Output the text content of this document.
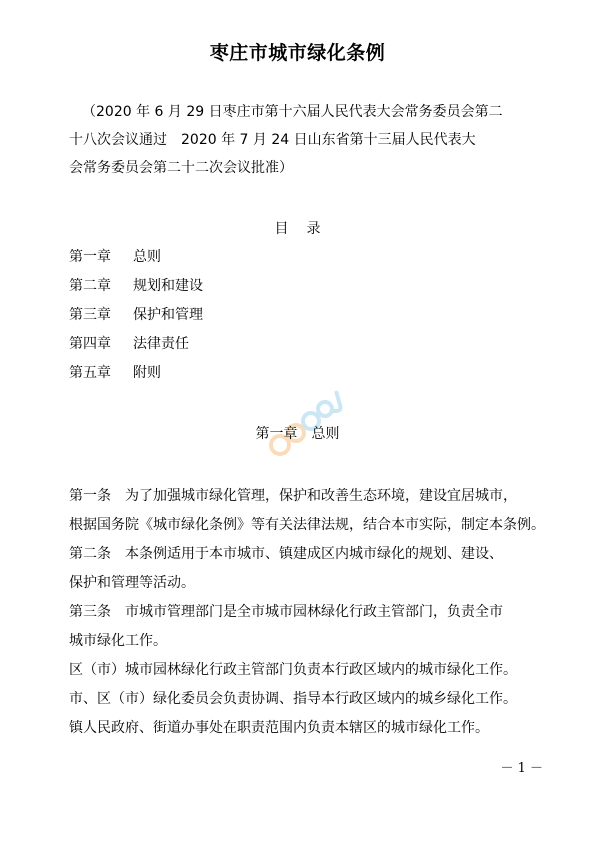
枣庄市城市绿化条例
（2020 年 6 月 29 日枣庄市第十六届人民代表大会常务委员会第二
十八次会议通过　2020 年 7 月 24 日山东省第十三届人民代表大
会常务委员会第二十二次会议批准）
目录
第一章 总则
第二章 规划和建设
第三章 保护和管理
第四章 法律责任
第五章 附则
第一章 总则

第一条　为了加强城市绿化管理，保护和改善生态环境，建设宜居城市，
根据国务院《城市绿化条例》等有关法律法规，结合本市实际，制定本条例。

第二条　本条例适用于本市城市、镇建成区内城市绿化的规划、建设、
保护和管理等活动。

第三条　市城市管理部门是全市城市园林绿化行政主管部门，负责全市
城市绿化工作。

区（市）城市园林绿化行政主管部门负责本行政区域内的城市绿化工作。

市、区（市）绿化委员会负责协调、指导本行政区域内的城乡绿化工作。

镇人民政府、街道办事处在职责范围内负责本辖区的城市绿化工作。

－ 1 －
